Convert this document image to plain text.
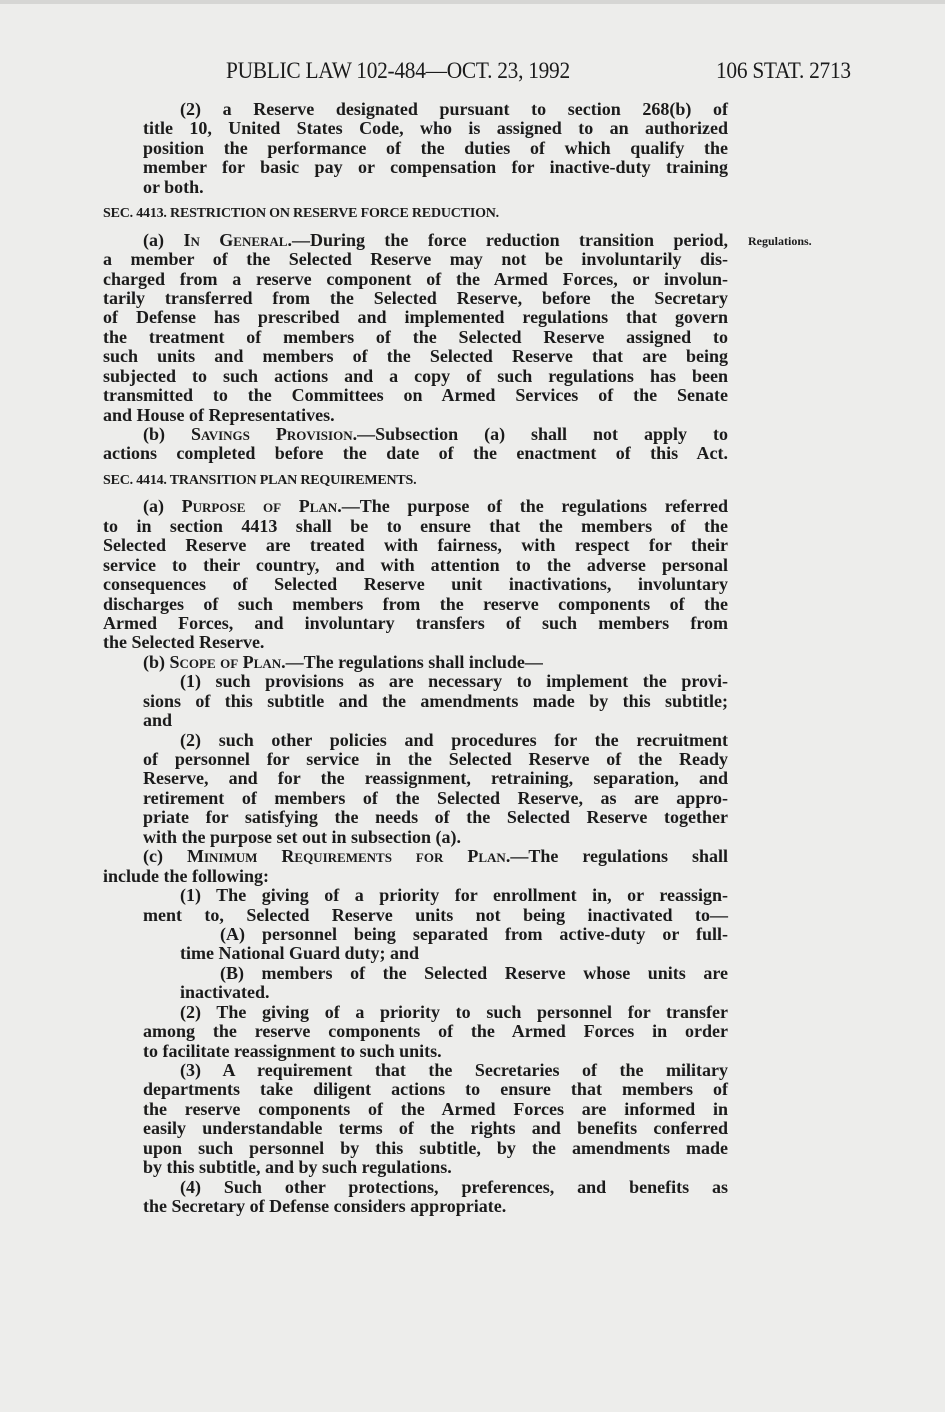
PUBLIC LAW 102-484—OCT. 23, 1992	106 STAT. 2713
Regulations.
(2) a Reserve designated pursuant to section 268(b) of
title 10, United States Code, who is assigned to an authorized
position the performance of the duties of which qualify the
member for basic pay or compensation for inactive-duty training
or both.
SEC. 4413. RESTRICTION ON RESERVE FORCE REDUCTION.
(a) In General.—During the force reduction transition period,
a member of the Selected Reserve may not be involuntarily dis-
charged from a reserve component of the Armed Forces, or involun-
tarily transferred from the Selected Reserve, before the Secretary
of Defense has prescribed and implemented regulations that govern
the treatment of members of the Selected Reserve assigned to
such units and members of the Selected Reserve that are being
subjected to such actions and a copy of such regulations has been
transmitted to the Committees on Armed Services of the Senate
and House of Representatives.
(b) Savings Provision.—Subsection (a) shall not apply to
actions completed before the date of the enactment of this Act.
SEC. 4414. TRANSITION PLAN REQUIREMENTS.
(a) Purpose of Plan.—The purpose of the regulations referred
to in section 4413 shall be to ensure that the members of the
Selected Reserve are treated with fairness, with respect for their
service to their country, and with attention to the adverse personal
consequences of Selected Reserve unit inactivations, involuntary
discharges of such members from the reserve components of the
Armed Forces, and involuntary transfers of such members from
the Selected Reserve.
(b) Scope of Plan.—The regulations shall include—
(1) such provisions as are necessary to implement the provi-
sions of this subtitle and the amendments made by this subtitle;
and
(2) such other policies and procedures for the recruitment
of personnel for service in the Selected Reserve of the Ready
Reserve, and for the reassignment, retraining, separation, and
retirement of members of the Selected Reserve, as are appro-
priate for satisfying the needs of the Selected Reserve together
with the purpose set out in subsection (a).
(c) Minimum Requirements for Plan.—The regulations shall
include the following:
(1) The giving of a priority for enrollment in, or reassign-
ment to, Selected Reserve units not being inactivated to—
(A) personnel being separated from active-duty or full-
time National Guard duty; and
(B) members of the Selected Reserve whose units are
inactivated.
(2) The giving of a priority to such personnel for transfer
among the reserve components of the Armed Forces in order
to facilitate reassignment to such units.
(3) A requirement that the Secretaries of the military
departments take diligent actions to ensure that members of
the reserve components of the Armed Forces are informed in
easily understandable terms of the rights and benefits conferred
upon such personnel by this subtitle, by the amendments made
by this subtitle, and by such regulations.
(4) Such other protections, preferences, and benefits as
the Secretary of Defense considers appropriate.
